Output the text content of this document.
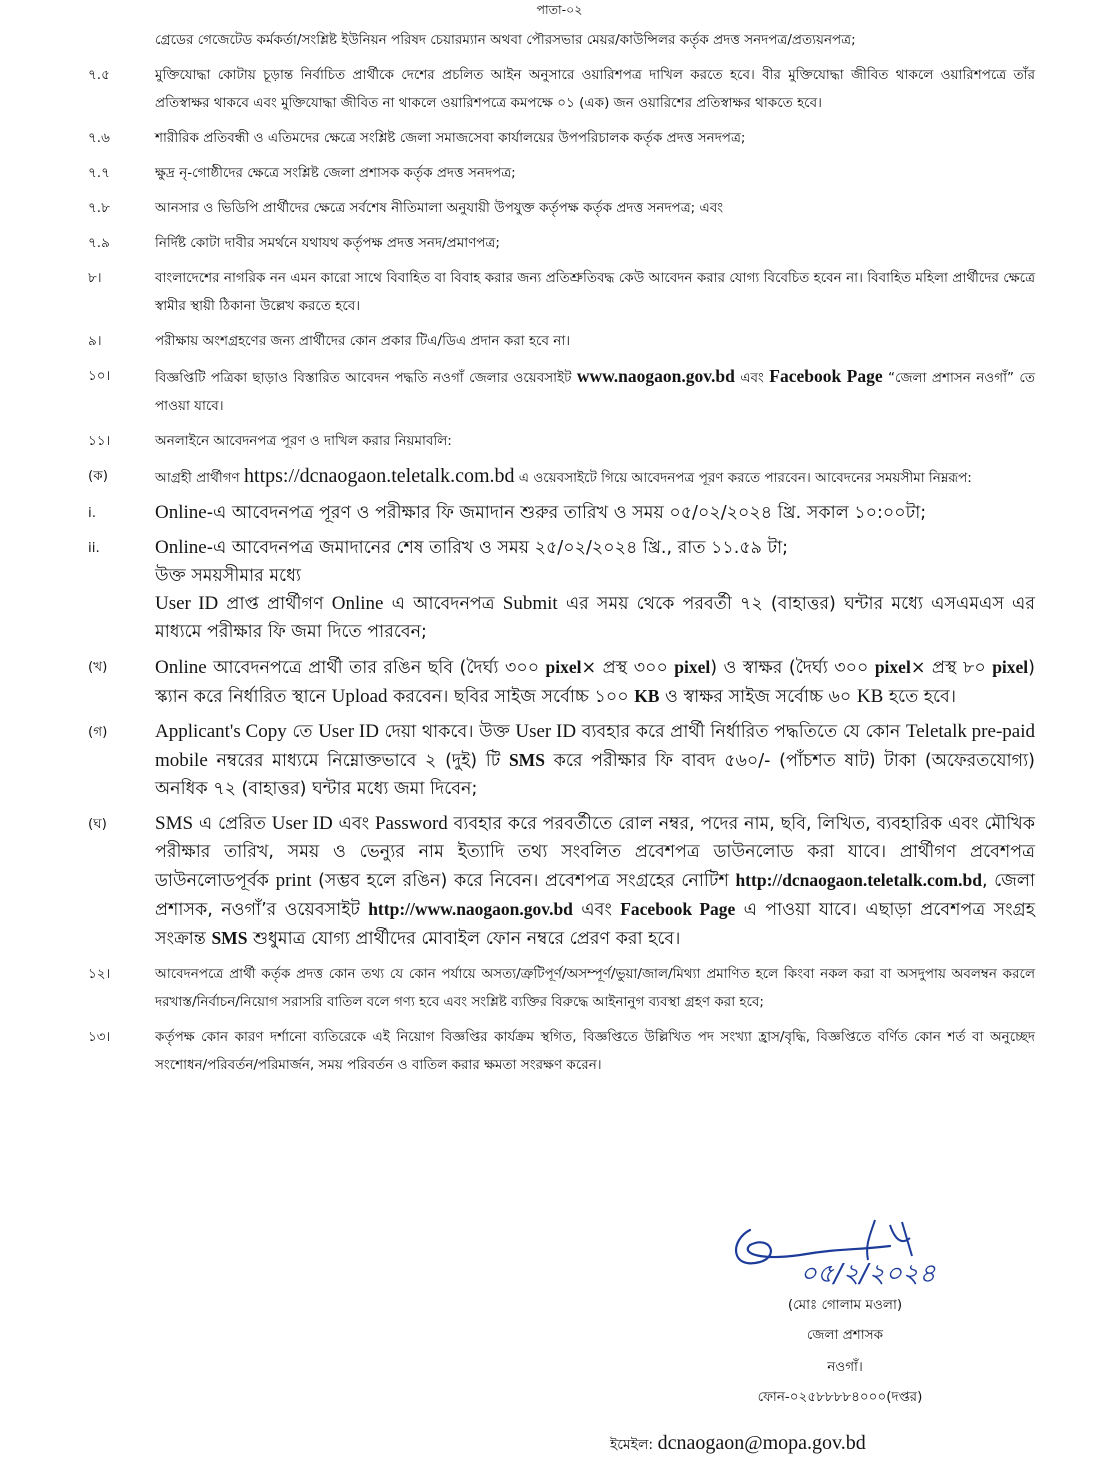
পাতা-০২
গ্রেডের গেজেটেড কর্মকর্তা/সংশ্লিষ্ট ইউনিয়ন পরিষদ চেয়ারম্যান অথবা পৌরসভার মেয়র/কাউন্সিলর কর্তৃক প্রদত্ত সনদপত্র/প্রত্যয়নপত্র;
৭.৫	মুক্তিযোদ্ধা কোটায় চূড়ান্ত নির্বাচিত প্রার্থীকে দেশের প্রচলিত আইন অনুসারে ওয়ারিশপত্র দাখিল করতে হবে। বীর মুক্তিযোদ্ধা জীবিত থাকলে ওয়ারিশপত্রে তাঁর প্রতিস্বাক্ষর থাকবে এবং মুক্তিযোদ্ধা জীবিত না থাকলে ওয়ারিশপত্রে কমপক্ষে ০১ (এক) জন ওয়ারিশের প্রতিস্বাক্ষর থাকতে হবে।
৭.৬	শারীরিক প্রতিবন্ধী ও এতিমদের ক্ষেত্রে সংশ্লিষ্ট জেলা সমাজসেবা কার্যালয়ের উপপরিচালক কর্তৃক প্রদত্ত সনদপত্র;
৭.৭	ক্ষুদ্র নৃ-গোষ্ঠীদের ক্ষেত্রে সংশ্লিষ্ট জেলা প্রশাসক কর্তৃক প্রদত্ত সনদপত্র;
৭.৮	আনসার ও ভিডিপি প্রার্থীদের ক্ষেত্রে সর্বশেষ নীতিমালা অনুযায়ী উপযুক্ত কর্তৃপক্ষ কর্তৃক প্রদত্ত সনদপত্র; এবং
৭.৯	নির্দিষ্ট কোটা দাবীর সমর্থনে যথাযথ কর্তৃপক্ষ প্রদত্ত সনদ/প্রমাণপত্র;
৮।	বাংলাদেশের নাগরিক নন এমন কারো সাথে বিবাহিত বা বিবাহ করার জন্য প্রতিশ্রুতিবদ্ধ কেউ আবেদন করার যোগ্য বিবেচিত হবেন না। বিবাহিত মহিলা প্রার্থীদের ক্ষেত্রে স্বামীর স্থায়ী ঠিকানা উল্লেখ করতে হবে।
৯।	পরীক্ষায় অংশগ্রহণের জন্য প্রার্থীদের কোন প্রকার টিএ/ডিএ প্রদান করা হবে না।
১০।	বিজ্ঞপ্তিটি পত্রিকা ছাড়াও বিস্তারিত আবেদন পদ্ধতি নওগাঁ জেলার ওয়েবসাইট www.naogaon.gov.bd এবং Facebook Page “জেলা প্রশাসন নওগাঁ” তে পাওয়া যাবে।
১১।	অনলাইনে আবেদনপত্র পূরণ ও দাখিল করার নিয়মাবলি:
(ক)	আগ্রহী প্রার্থীগণ https://dcnaogaon.teletalk.com.bd এ ওয়েবসাইটে গিয়ে আবেদনপত্র পূরণ করতে পারবেন। আবেদনের সময়সীমা নিম্নরূপ:
i.	Online-এ আবেদনপত্র পূরণ ও পরীক্ষার ফি জমাদান শুরুর তারিখ ও সময় ০৫/০২/২০২৪ খ্রি. সকাল ১০:০০টা;
ii.	Online-এ আবেদনপত্র জমাদানের শেষ তারিখ ও সময় ২৫/০২/২০২৪ খ্রি., রাত ১১.৫৯ টা;
উক্ত সময়সীমার মধ্যে
User ID প্রাপ্ত প্রার্থীগণ Online এ আবেদনপত্র Submit এর সময় থেকে পরবর্তী ৭২ (বাহাত্তর) ঘন্টার মধ্যে এসএমএস এর মাধ্যমে পরীক্ষার ফি জমা দিতে পারবেন;
(খ)	Online আবেদনপত্রে প্রার্থী তার রঙিন ছবি (দৈর্ঘ্য ৩০০ pixel× প্রস্থ ৩০০ pixel) ও স্বাক্ষর (দৈর্ঘ্য ৩০০ pixel× প্রস্থ ৮০ pixel) স্ক্যান করে নির্ধারিত স্থানে Upload করবেন। ছবির সাইজ সর্বোচ্চ ১০০ KB ও স্বাক্ষর সাইজ সর্বোচ্চ ৬০ KB হতে হবে।
(গ)	Applicant's Copy তে User ID দেয়া থাকবে। উক্ত User ID ব্যবহার করে প্রার্থী নির্ধারিত পদ্ধতিতে যে কোন Teletalk pre-paid mobile নম্বরের মাধ্যমে নিম্নোক্তভাবে ২ (দুই) টি SMS করে পরীক্ষার ফি বাবদ ৫৬০/- (পাঁচশত ষাট) টাকা (অফেরতযোগ্য) অনধিক ৭২ (বাহাত্তর) ঘন্টার মধ্যে জমা দিবেন;
(ঘ)	SMS এ প্রেরিত User ID এবং Password ব্যবহার করে পরবর্তীতে রোল নম্বর, পদের নাম, ছবি, লিখিত, ব্যবহারিক এবং মৌখিক পরীক্ষার তারিখ, সময় ও ভেন্যুর নাম ইত্যাদি তথ্য সংবলিত প্রবেশপত্র ডাউনলোড করা যাবে। প্রার্থীগণ প্রবেশপত্র ডাউনলোডপূর্বক print (সম্ভব হলে রঙিন) করে নিবেন। প্রবেশপত্র সংগ্রহের নোটিশ http://dcnaogaon.teletalk.com.bd, জেলা প্রশাসক, নওগাঁ’র ওয়েবসাইট http://www.naogaon.gov.bd এবং Facebook Page এ পাওয়া যাবে। এছাড়া প্রবেশপত্র সংগ্রহ সংক্রান্ত SMS শুধুমাত্র যোগ্য প্রার্থীদের মোবাইল ফোন নম্বরে প্রেরণ করা হবে।
১২।	আবেদনপত্রে প্রার্থী কর্তৃক প্রদত্ত কোন তথ্য যে কোন পর্যায়ে অসত্য/ত্রুটিপূর্ণ/অসম্পূর্ণ/ভুয়া/জাল/মিথ্যা প্রমাণিত হলে কিংবা নকল করা বা অসদুপায় অবলম্বন করলে দরখাস্ত/নির্বাচন/নিয়োগ সরাসরি বাতিল বলে গণ্য হবে এবং সংশ্লিষ্ট ব্যক্তির বিরুদ্ধে আইনানুগ ব্যবস্থা গ্রহণ করা হবে;
১৩।	কর্তৃপক্ষ কোন কারণ দর্শানো ব্যতিরেকে এই নিয়োগ বিজ্ঞপ্তির কার্যক্রম স্থগিত, বিজ্ঞপ্তিতে উল্লিখিত পদ সংখ্যা হ্রাস/বৃদ্ধি, বিজ্ঞপ্তিতে বর্ণিত কোন শর্ত বা অনুচ্ছেদ সংশোধন/পরিবর্তন/পরিমার্জন, সময় পরিবর্তন ও বাতিল করার ক্ষমতা সংরক্ষণ করেন।
০৫/২/২০২৪
(মোঃ গোলাম মওলা)
জেলা প্রশাসক
নওগাঁ।
ফোন-০২৫৮৮৮৮৪০০০(দপ্তর)
ইমেইল: dcnaogaon@mopa.gov.bd
